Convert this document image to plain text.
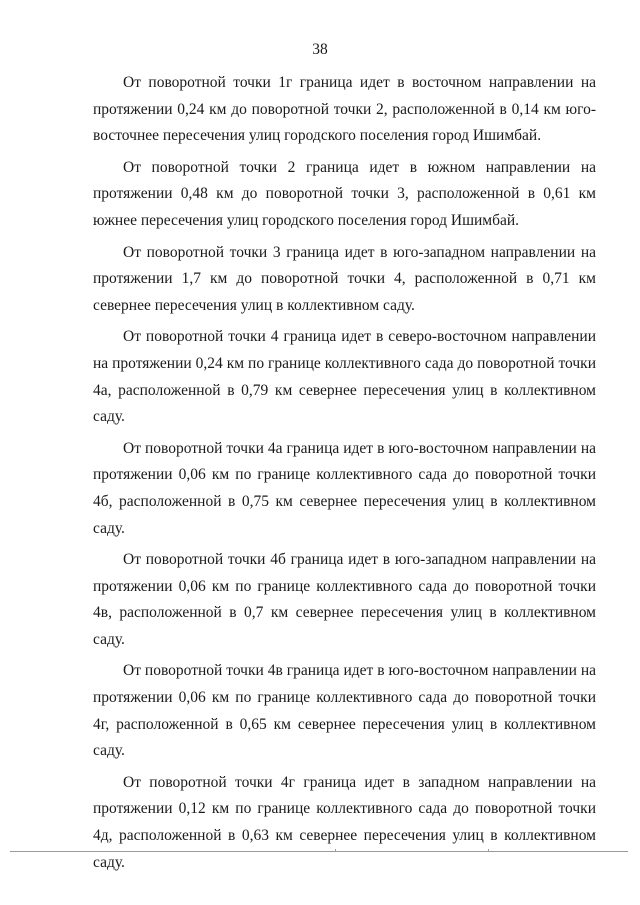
38

От поворотной точки 1г граница идет в восточном направлении на протяжении 0,24 км до поворотной точки 2, расположенной в 0,14 км юго-восточнее пересечения улиц городского поселения город Ишимбай.

От поворотной точки 2 граница идет в южном направлении на протяжении 0,48 км до поворотной точки 3, расположенной в 0,61 км южнее пересечения улиц городского поселения город Ишимбай.

От поворотной точки 3 граница идет в юго-западном направлении на протяжении 1,7 км до поворотной точки 4, расположенной в 0,71 км севернее пересечения улиц в коллективном саду.

От поворотной точки 4 граница идет в северо-восточном направлении на протяжении 0,24 км по границе коллективного сада до поворотной точки 4а, расположенной в 0,79 км севернее пересечения улиц в коллективном саду.

От поворотной точки 4а граница идет в юго-восточном направлении на протяжении 0,06 км по границе коллективного сада до поворотной точки 4б, расположенной в 0,75 км севернее пересечения улиц в коллективном саду.

От поворотной точки 4б граница идет в юго-западном направлении на протяжении 0,06 км по границе коллективного сада до поворотной точки 4в, расположенной в 0,7 км севернее пересечения улиц в коллективном саду.

От поворотной точки 4в граница идет в юго-восточном направлении на протяжении 0,06 км по границе коллективного сада до поворотной точки 4г, расположенной в 0,65 км севернее пересечения улиц в коллективном саду.

От поворотной точки 4г граница идет в западном направлении на протяжении 0,12 км по границе коллективного сада до поворотной точки 4д, расположенной в 0,63 км севернее пересечения улиц в коллективном саду.
